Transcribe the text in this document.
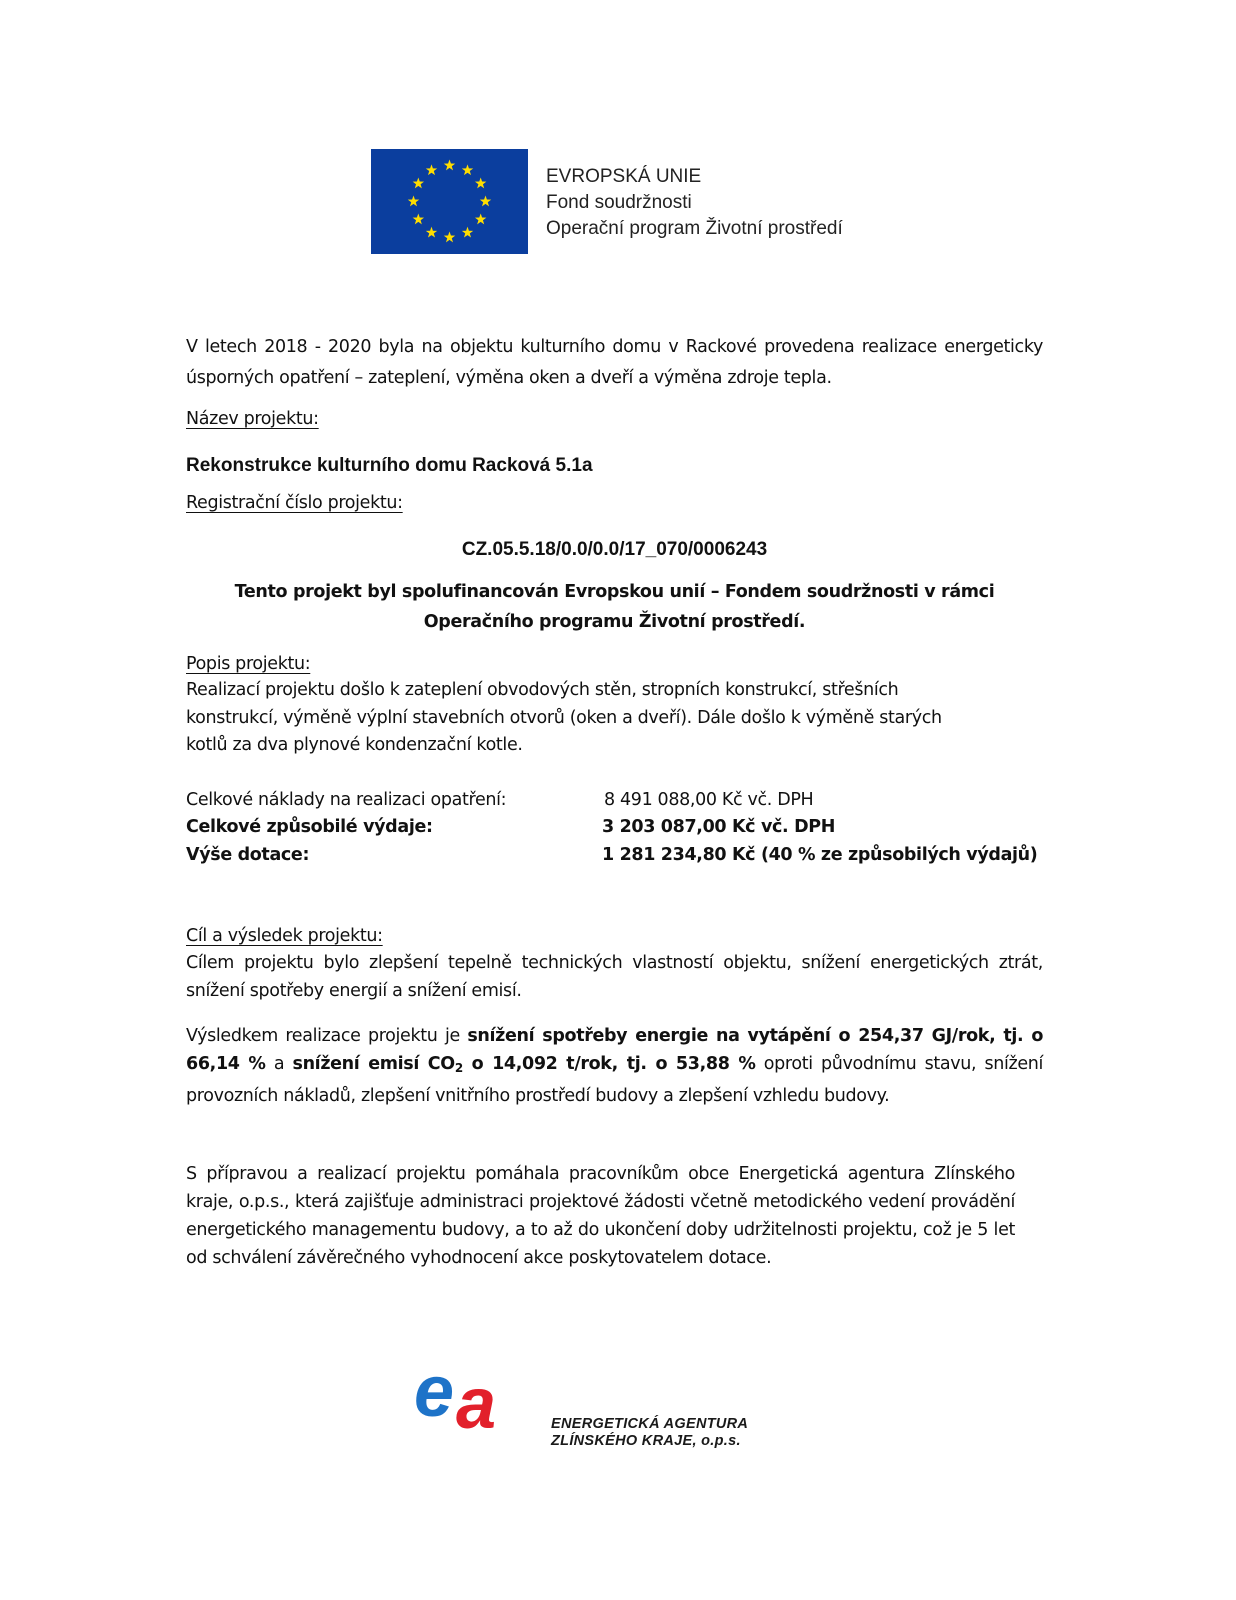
EVROPSKÁ UNIE
Fond soudržnosti
Operační program Životní prostředí
V letech 2018 - 2020 byla na objektu kulturního domu v Rackové provedena realizace energeticky úsporných opatření – zateplení, výměna oken a dveří a výměna zdroje tepla.
Název projektu:
Rekonstrukce kulturního domu Racková 5.1a
Registrační číslo projektu:
CZ.05.5.18/0.0/0.0/17_070/0006243
Tento projekt byl spolufinancován Evropskou unií – Fondem soudržnosti v rámci
Operačního programu Životní prostředí.
Popis projektu:
Realizací projektu došlo k zateplení obvodových stěn, stropních konstrukcí, střešních
konstrukcí, výměně výplní stavebních otvorů (oken a dveří). Dále došlo k výměně starých
kotlů za dva plynové kondenzační kotle.
Celkové náklady na realizaci opatření:	8 491 088,00 Kč vč. DPH
Celkové způsobilé výdaje:	3 203 087,00 Kč vč. DPH
Výše dotace:	1 281 234,80 Kč (40 % ze způsobilých výdajů)
Cíl a výsledek projektu:
Cílem projektu bylo zlepšení tepelně technických vlastností objektu, snížení energetických ztrát, snížení spotřeby energií a snížení emisí.
Výsledkem realizace projektu je snížení spotřeby energie na vytápění o 254,37 GJ/rok, tj. o 66,14 % a snížení emisí $CO_2$ o 14,092 t/rok, tj. o 53,88 % oproti původnímu stavu, snížení provozních nákladů, zlepšení vnitřního prostředí budovy a zlepšení vzhledu budovy.
S přípravou a realizací projektu pomáhala pracovníkům obce Energetická agentura Zlínského kraje, o.p.s., která zajišťuje administraci projektové žádosti včetně metodického vedení provádění energetického managementu budovy, a to až do ukončení doby udržitelnosti projektu, což je 5 let od schválení závěrečného vyhodnocení akce poskytovatelem dotace.
e a	ENERGETICKÁ AGENTURA
ZLÍNSKÉHO KRAJE, o.p.s.
